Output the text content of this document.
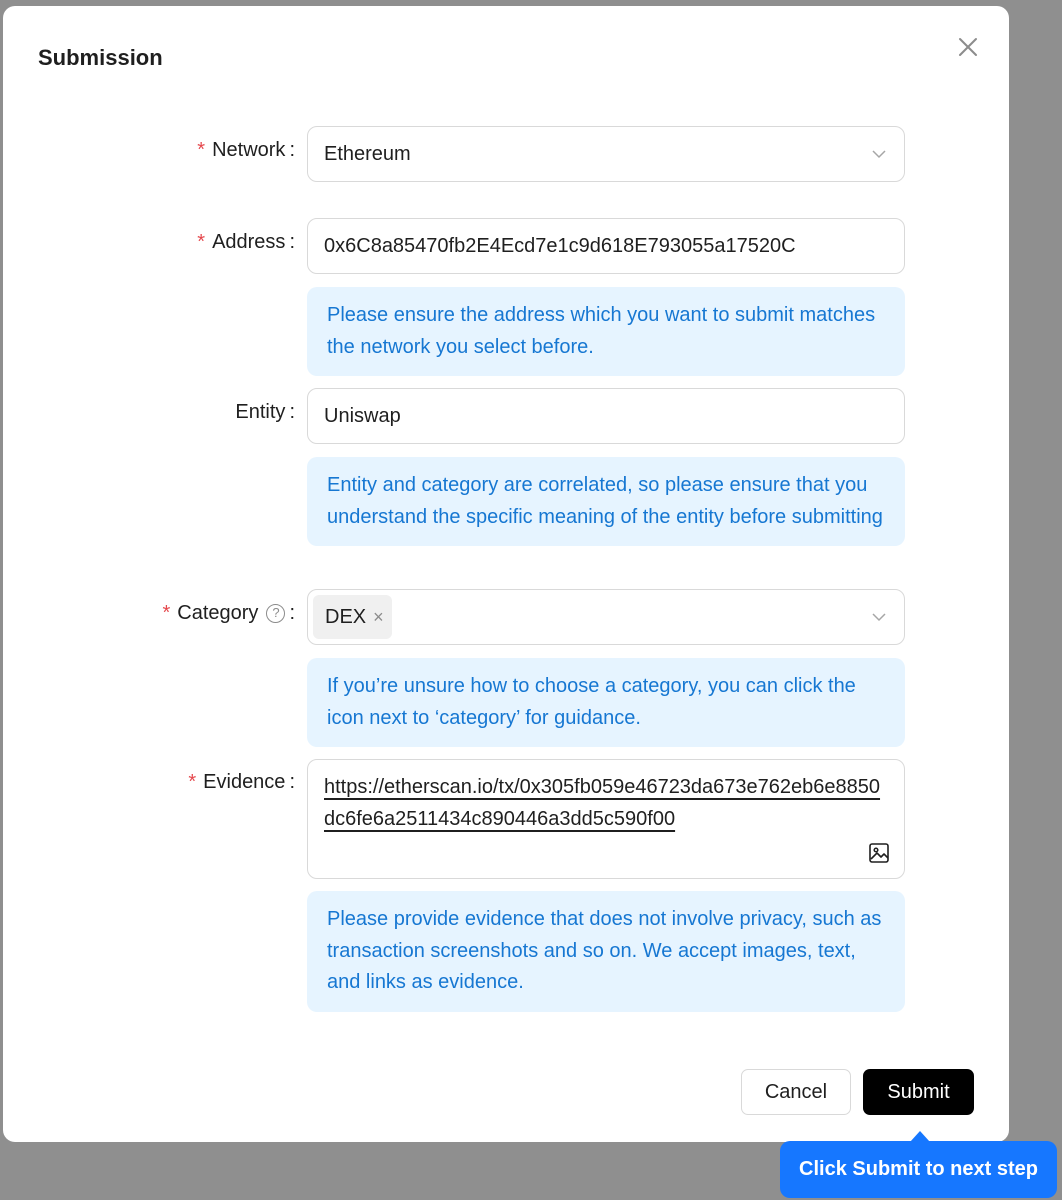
Submission
* Network : Ethereum
* Address :
0x6C8a85470fb2E4Ecd7e1c9d618E793055a17520C
Please ensure the address which you want to submit matches the network you select before.
Entity :
Uniswap
Entity and category are correlated, so please ensure that you understand the specific meaning of the entity before submitting
* Category	? : DEX ×
If you’re unsure how to choose a category, you can click the icon next to ‘category’ for guidance.
* Evidence : https://etherscan.io/tx/0x305fb059e46723da673e762eb6e8850dc6fe6a2511434c890446a3dd5c590f00
Please provide evidence that does not involve privacy, such as transaction screenshots and so on. We accept images, text, and links as evidence.
Cancel	Submit
Click Submit to next step
